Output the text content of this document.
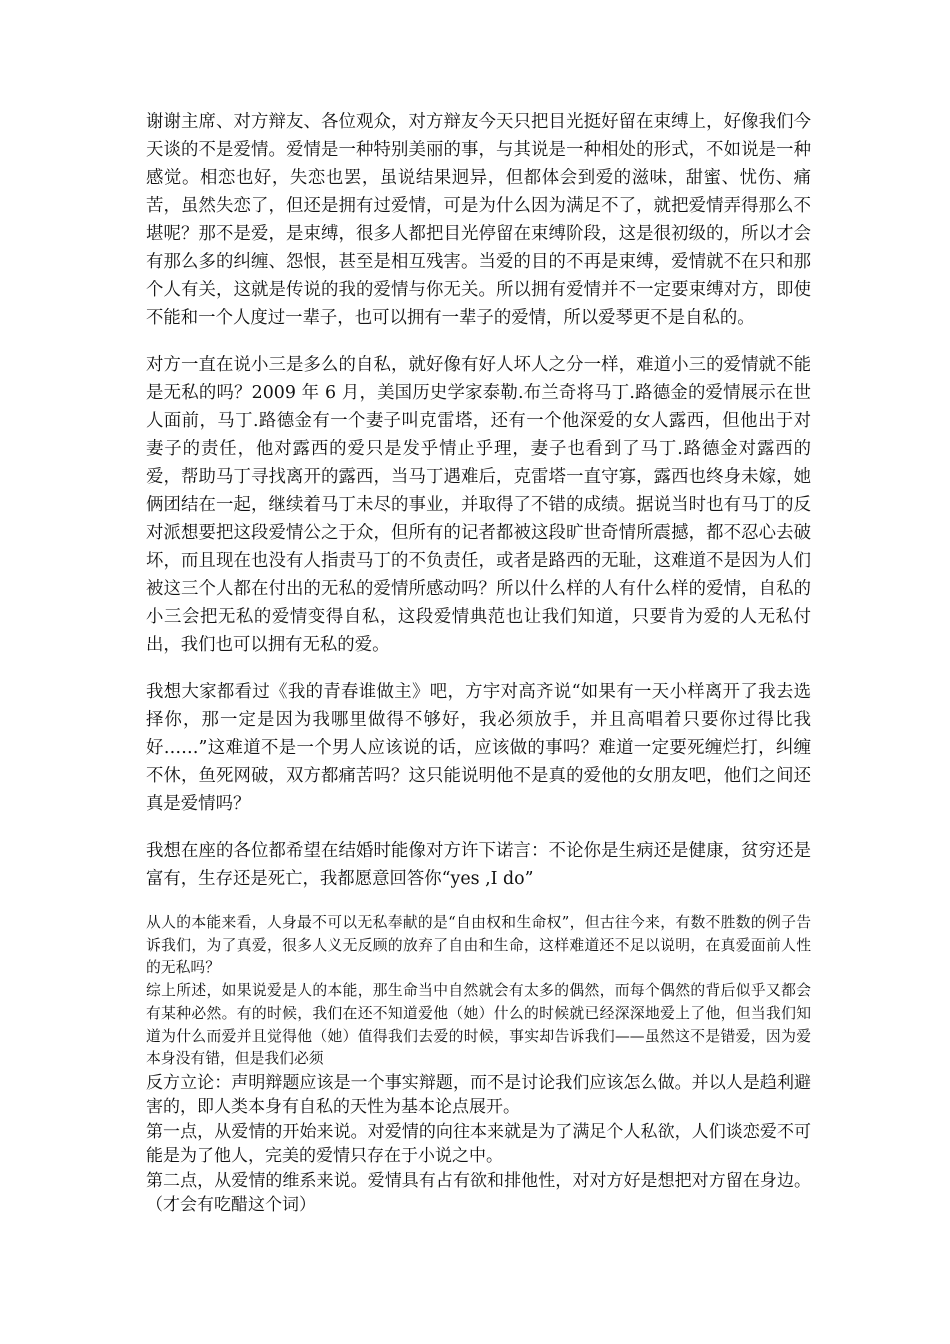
谢谢主席、对方辩友、各位观众，对方辩友今天只把目光挺好留在束缚上，好像我们今天谈的不是爱情。爱情是一种特别美丽的事，与其说是一种相处的形式，不如说是一种感觉。相恋也好，失恋也罢，虽说结果迥异，但都体会到爱的滋味，甜蜜、忧伤、痛苦，虽然失恋了，但还是拥有过爱情，可是为什么因为满足不了，就把爱情弄得那么不堪呢？那不是爱，是束缚，很多人都把目光停留在束缚阶段，这是很初级的，所以才会有那么多的纠缠、怨恨，甚至是相互残害。当爱的目的不再是束缚，爱情就不在只和那个人有关，这就是传说的我的爱情与你无关。所以拥有爱情并不一定要束缚对方，即使不能和一个人度过一辈子，也可以拥有一辈子的爱情，所以爱琴更不是自私的。

对方一直在说小三是多么的自私，就好像有好人坏人之分一样，难道小三的爱情就不能是无私的吗？2009 年 6 月，美国历史学家泰勒.布兰奇将马丁.路德金的爱情展示在世人面前，马丁.路德金有一个妻子叫克雷塔，还有一个他深爱的女人露西，但他出于对妻子的责任，他对露西的爱只是发乎情止乎理，妻子也看到了马丁.路德金对露西的爱，帮助马丁寻找离开的露西，当马丁遇难后，克雷塔一直守寡，露西也终身未嫁，她俩团结在一起，继续着马丁未尽的事业，并取得了不错的成绩。据说当时也有马丁的反对派想要把这段爱情公之于众，但所有的记者都被这段旷世奇情所震撼，都不忍心去破坏，而且现在也没有人指责马丁的不负责任，或者是路西的无耻，这难道不是因为人们被这三个人都在付出的无私的爱情所感动吗？所以什么样的人有什么样的爱情，自私的小三会把无私的爱情变得自私，这段爱情典范也让我们知道，只要肯为爱的人无私付出，我们也可以拥有无私的爱。

我想大家都看过《我的青春谁做主》吧，方宇对高齐说“如果有一天小样离开了我去选择你，那一定是因为我哪里做得不够好，我必须放手，并且高唱着只要你过得比我好……”这难道不是一个男人应该说的话，应该做的事吗？难道一定要死缠烂打，纠缠不休，鱼死网破，双方都痛苦吗？这只能说明他不是真的爱他的女朋友吧，他们之间还真是爱情吗？

我想在座的各位都希望在结婚时能像对方许下诺言：不论你是生病还是健康，贫穷还是富有，生存还是死亡，我都愿意回答你“yes ,I do”

从人的本能来看，人身最不可以无私奉献的是“自由权和生命权”，但古往今来，有数不胜数的例子告诉我们，为了真爱，很多人义无反顾的放弃了自由和生命，这样难道还不足以说明，在真爱面前人性的无私吗？

综上所述，如果说爱是人的本能，那生命当中自然就会有太多的偶然，而每个偶然的背后似乎又都会有某种必然。有的时候，我们在还不知道爱他（她）什么的时候就已经深深地爱上了他，但当我们知道为什么而爱并且觉得他（她）值得我们去爱的时候，事实却告诉我们——虽然这不是错爱，因为爱本身没有错，但是我们必须

反方立论：声明辩题应该是一个事实辩题，而不是讨论我们应该怎么做。并以人是趋利避害的，即人类本身有自私的天性为基本论点展开。

第一点，从爱情的开始来说。对爱情的向往本来就是为了满足个人私欲，人们谈恋爱不可能是为了他人，完美的爱情只存在于小说之中。

第二点，从爱情的维系来说。爱情具有占有欲和排他性，对对方好是想把对方留在身边。（才会有吃醋这个词）
